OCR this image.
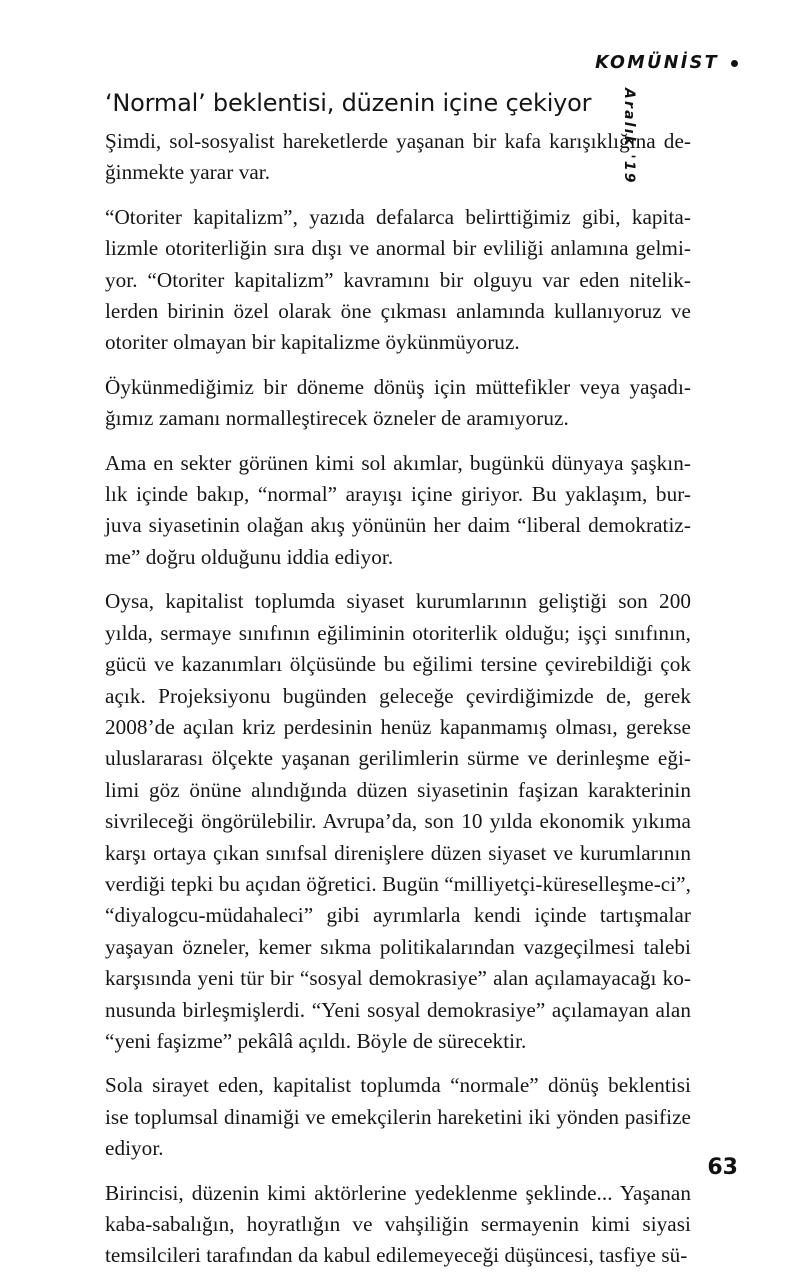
KOMÜNİST
Aralık '19
‘Normal’ beklentisi, düzenin içine çekiyor

Şimdi, sol-sosyalist hareketlerde yaşanan bir kafa karışıklığına de-ğinmekte yarar var.

“Otoriter kapitalizm”, yazıda defalarca belirttiğimiz gibi, kapita-lizmle otoriterliğin sıra dışı ve anormal bir evliliği anlamına gelmi-yor. “Otoriter kapitalizm” kavramını bir olguyu var eden nitelik-lerden birinin özel olarak öne çıkması anlamında kullanıyoruz ve otoriter olmayan bir kapitalizme öykünmüyoruz.

Öykünmediğimiz bir döneme dönüş için müttefikler veya yaşadı-ğımız zamanı normalleştirecek özneler de aramıyoruz.

Ama en sekter görünen kimi sol akımlar, bugünkü dünyaya şaşkın-lık içinde bakıp, “normal” arayışı içine giriyor. Bu yaklaşım, bur-juva siyasetinin olağan akış yönünün her daim “liberal demokratiz-me” doğru olduğunu iddia ediyor.

Oysa, kapitalist toplumda siyaset kurumlarının geliştiği son 200 yılda, sermaye sınıfının eğiliminin otoriterlik olduğu; işçi sınıfının, gücü ve kazanımları ölçüsünde bu eğilimi tersine çevirebildiği çok açık. Projeksiyonu bugünden geleceğe çevirdiğimizde de, gerek 2008’de açılan kriz perdesinin henüz kapanmamış olması, gerekse uluslararası ölçekte yaşanan gerilimlerin sürme ve derinleşme eği-limi göz önüne alındığında düzen siyasetinin faşizan karakterinin sivrileceği öngörülebilir. Avrupa’da, son 10 yılda ekonomik yıkıma karşı ortaya çıkan sınıfsal direnişlere düzen siyaset ve kurumlarının verdiği tepki bu açıdan öğretici. Bugün “milliyetçi-küreselleşme-ci”, “diyalogcu-müdahaleci” gibi ayrımlarla kendi içinde tartışmalar yaşayan özneler, kemer sıkma politikalarından vazgeçilmesi talebi karşısında yeni tür bir “sosyal demokrasiye” alan açılamayacağı ko-nusunda birleşmişlerdi. “Yeni sosyal demokrasiye” açılamayan alan “yeni faşizme” pekâlâ açıldı. Böyle de sürecektir.

Sola sirayet eden, kapitalist toplumda “normale” dönüş beklentisi ise toplumsal dinamiği ve emekçilerin hareketini iki yönden pasifize ediyor.

Birincisi, düzenin kimi aktörlerine yedeklenme şeklinde... Yaşanan kaba-sabalığın, hoyratlığın ve vahşiliğin sermayenin kimi siyasi temsilcileri tarafından da kabul edilemeyeceği düşüncesi, tasfiye sü-

63
